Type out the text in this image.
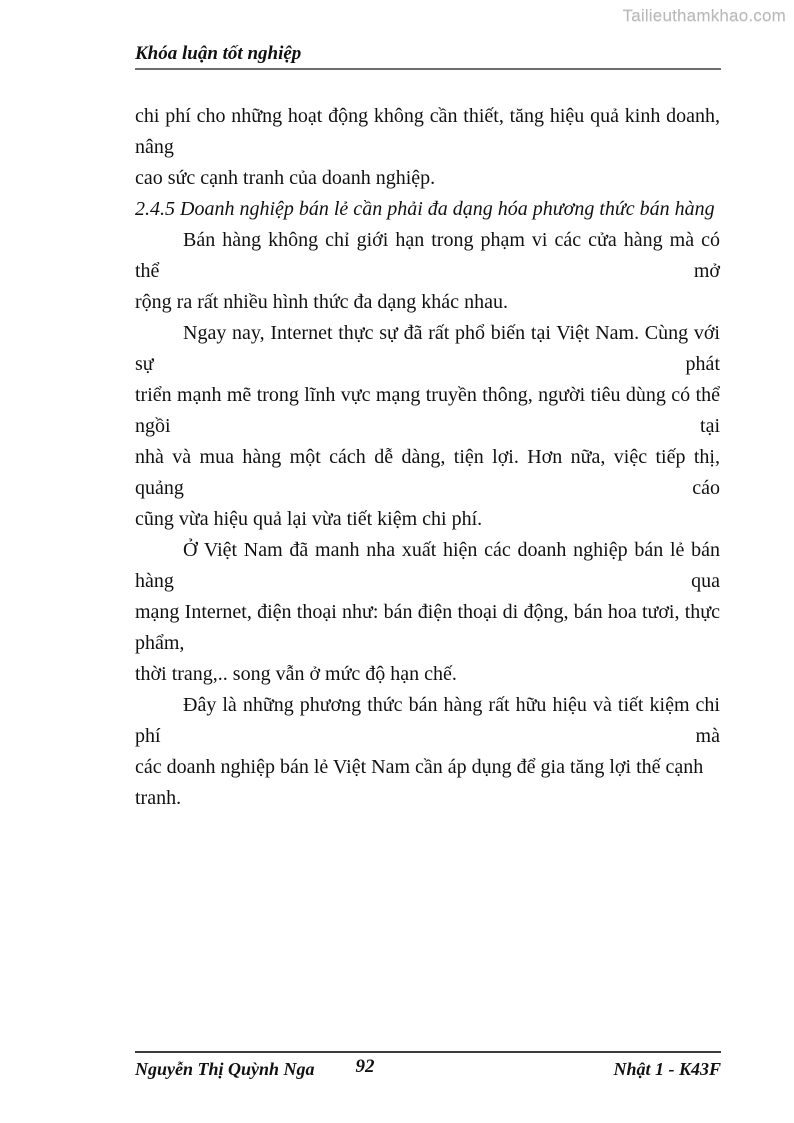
Tailieuthamkhao.com
Khóa luận tốt nghiệp
chi phí cho những hoạt động không cần thiết, tăng hiệu quả kinh doanh, nâng
cao sức cạnh tranh của doanh nghiệp.
2.4.5 Doanh nghiệp bán lẻ cần phải đa dạng hóa phương thức bán hàng
Bán hàng không chỉ giới hạn trong phạm vi các cửa hàng mà có thể mở
rộng ra rất nhiều hình thức đa dạng khác nhau.
Ngay nay, Internet thực sự đã rất phổ biến tại Việt Nam. Cùng với sự phát
triển mạnh mẽ trong lĩnh vực mạng truyền thông, người tiêu dùng có thể ngồi tại
nhà và mua hàng một cách dễ dàng, tiện lợi. Hơn nữa, việc tiếp thị, quảng cáo
cũng vừa hiệu quả lại vừa tiết kiệm chi phí.
Ở Việt Nam đã manh nha xuất hiện các doanh nghiệp bán lẻ bán hàng qua
mạng Internet, điện thoại như: bán điện thoại di động, bán hoa tươi, thực phẩm,
thời trang,.. song vẫn ở mức độ hạn chế.
Đây là những phương thức bán hàng rất hữu hiệu và tiết kiệm chi phí mà
các doanh nghiệp bán lẻ Việt Nam cần áp dụng để gia tăng lợi thế cạnh tranh.
Nguyễn Thị Quỳnh Nga	92	Nhật 1 - K43F
